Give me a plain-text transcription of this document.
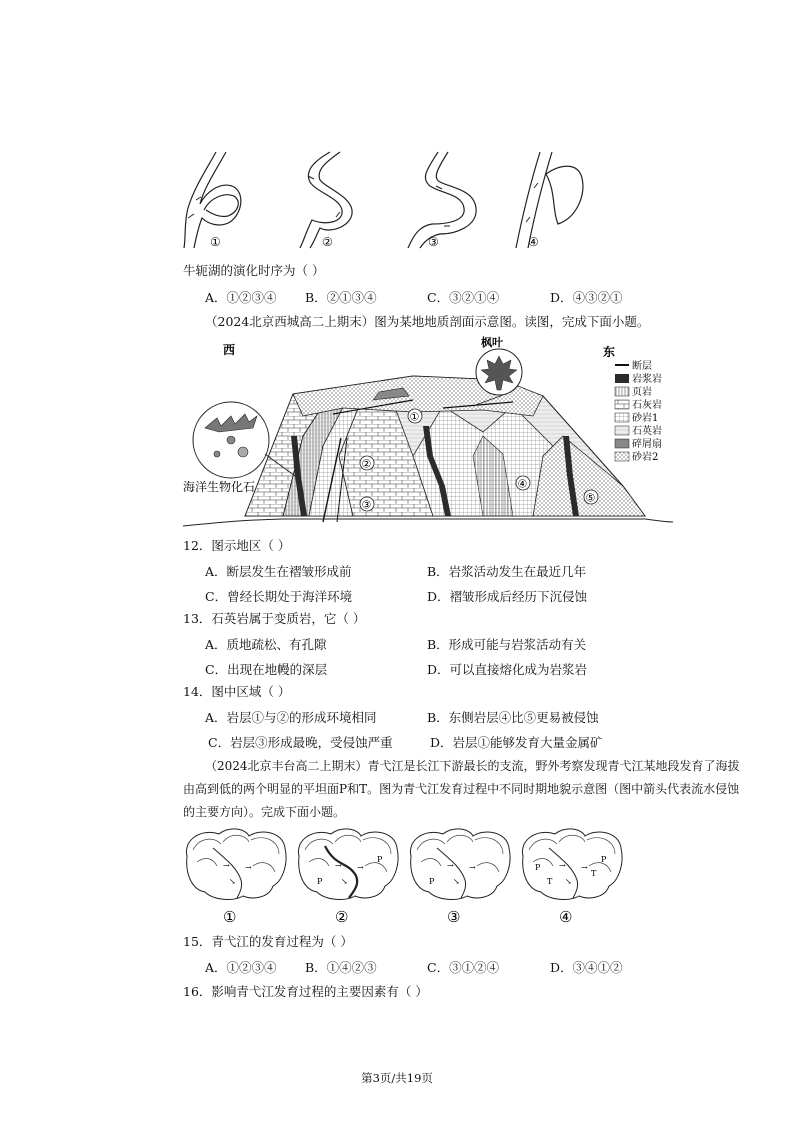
①	②	③	④
牛轭湖的演化时序为（ ）
A．①②③④ B．②①③④	C．③②①④	D．④③②①
（2024北京西城高二上期末）图为某地地质剖面示意图。读图，完成下面小题。
西	东
枫叶
①
②
③
④
⑤
海洋生物化石
断层
岩浆岩
页岩
石灰岩
砂岩1
石英岩
碎屑扇
砂岩2
12．图示地区（ ）
A．断层发生在褶皱形成前	B．岩浆活动发生在最近几年
C．曾经长期处于海洋环境	D．褶皱形成后经历下沉侵蚀
13．石英岩属于变质岩，它（ ）
A．质地疏松、有孔隙	B．形成可能与岩浆活动有关
C．出现在地幔的深层	D．可以直接熔化成为岩浆岩
14．图中区域（ ）
A．岩层①与②的形成环境相同	B．东侧岩层④比⑤更易被侵蚀
C．岩层③形成最晚，受侵蚀严重	D．岩层①能够发育大量金属矿
（2024北京丰台高二上期末）青弋江是长江下游最长的支流，野外考察发现青弋江某地段发育了海拔
由高到低的两个明显的平坦面P和T。图为青弋江发育过程中不同时期地貌示意图（图中箭头代表流水侵蚀
的主要方向）。完成下面小题。
→ →
↘
①
→ →
↘
P
P
②
→ →
↘
P
③
→ →
↘
P
P
T
T
④
15．青弋江的发育过程为（ ）
A．①②③④ B．①④②③	C．③①②④	D．③④①②
16．影响青弋江发育过程的主要因素有（ ）
第3页/共19页
